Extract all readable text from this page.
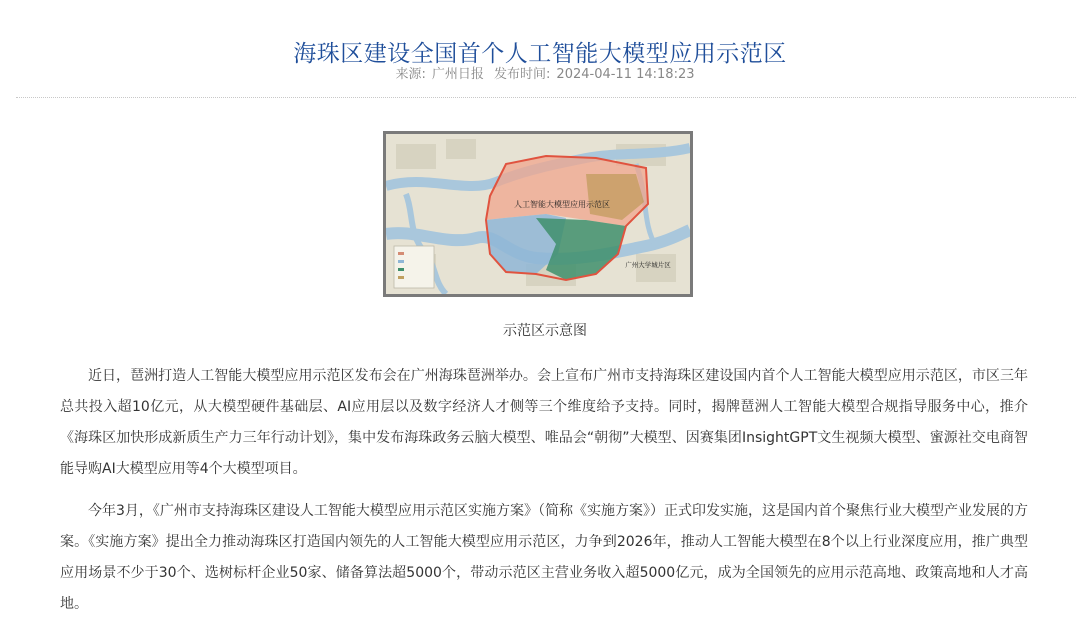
海珠区建设全国首个人工智能大模型应用示范区
来源: 广州日报 发布时间: 2024-04-11 14:18:23
人工智能大模型应用示范区
广州大学城片区
示范区示意图

近日，琶洲打造人工智能大模型应用示范区发布会在广州海珠琶洲举办。会上宣布广州市支持海珠区建设国内首个人工智能大模型应用示范区，市区三年总共投入超10亿元，从大模型硬件基础层、AI应用层以及数字经济人才侧等三个维度给予支持。同时，揭牌琶洲人工智能大模型合规指导服务中心，推介《海珠区加快形成新质生产力三年行动计划》，集中发布海珠政务云脑大模型、唯品会“朝彻”大模型、因赛集团InsightGPT文生视频大模型、蜜源社交电商智能导购AI大模型应用等4个大模型项目。

今年3月，《广州市支持海珠区建设人工智能大模型应用示范区实施方案》（简称《实施方案》）正式印发实施，这是国内首个聚焦行业大模型产业发展的方案。《实施方案》提出全力推动海珠区打造国内领先的人工智能大模型应用示范区，力争到2026年，推动人工智能大模型在8个以上行业深度应用，推广典型应用场景不少于30个、选树标杆企业50家、储备算法超5000个，带动示范区主营业务收入超5000亿元，成为全国领先的应用示范高地、政策高地和人才高地。
